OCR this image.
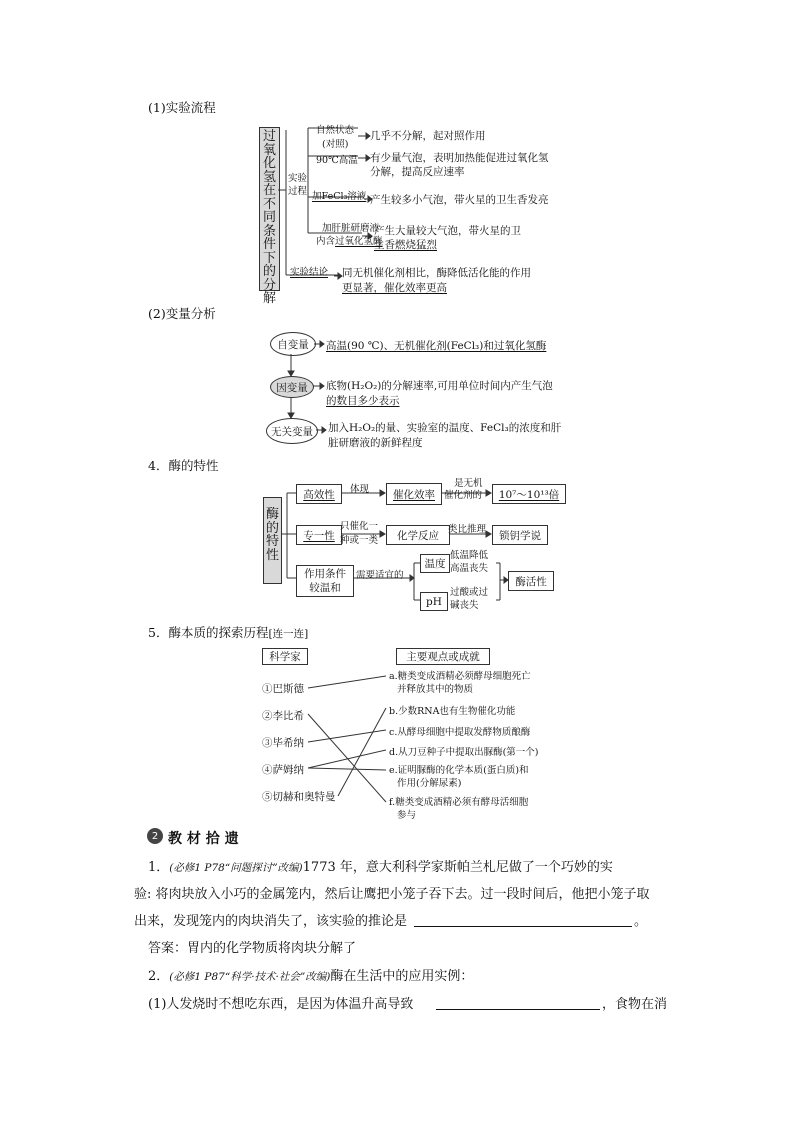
(1)实验流程
过
氧
化
氢
在
不
同
条
件
下
的
分
解
实验
过程
自然状态
(对照)
90℃高温
加FeCl₃溶液
加肝脏研磨液
内含过氧化氢酶
几乎不分解，起对照作用
有少量气泡，表明加热能促进过氧化氢
分解，提高反应速率
产生较多小气泡，带火星的卫生香发亮
产生大量较大气泡，带火星的卫
生香燃烧猛烈
实验结论 同无机催化剂相比，酶降低活化能的作用
更显著，催化效率更高
(2)变量分析
自变量
因变量
无关变量
高温(90 ℃)、无机催化剂(FeCl₃)和过氧化氢酶
底物(H₂O₂)的分解速率,可用单位时间内产生气泡
的数目多少表示
加入H₂O₂的量、实验室的温度、FeCl₃的浓度和肝
脏研磨液的新鲜程度
4．酶的特性
酶
的
特
性
高效性	体现	催化效率
是无机
催化剂的	10⁷～10¹³倍
专一性
只催化一
种或一类	化学反应 类比推理	锁钥学说
作用条件
较温和
需要适宜的
温度
低温降低
高温丧失
pH
过酸或过
碱丧失
酶活性
5．酶本质的探索历程[连一连]
科学家	主要观点或成就
①巴斯德
②李比希
③毕希纳
④萨姆纳
⑤切赫和奥特曼
a.糖类变成酒精必须酵母细胞死亡
并释放其中的物质
b.少数RNA也有生物催化功能
c.从酵母细胞中提取发酵物质酿酶
d.从刀豆种子中提取出脲酶(第一个)
e.证明脲酶的化学本质(蛋白质)和
作用(分解尿素)
f.糖类变成酒精必须有酵母活细胞
参与
2 教 材 拾 遗
1．(必修1 P78“问题探讨”改编)1773 年，意大利科学家斯帕兰札尼做了一个巧妙的实
验: 将肉块放入小巧的金属笼内，然后让鹰把小笼子吞下去。过一段时间后，他把小笼子取
出来，发现笼内的肉块消失了，该实验的推论是	。
答案：胃内的化学物质将肉块分解了
2．(必修1 P87“科学·技术·社会”改编)酶在生活中的应用实例：
(1)人发烧时不想吃东西，是因为体温升高导致	，食物在消
